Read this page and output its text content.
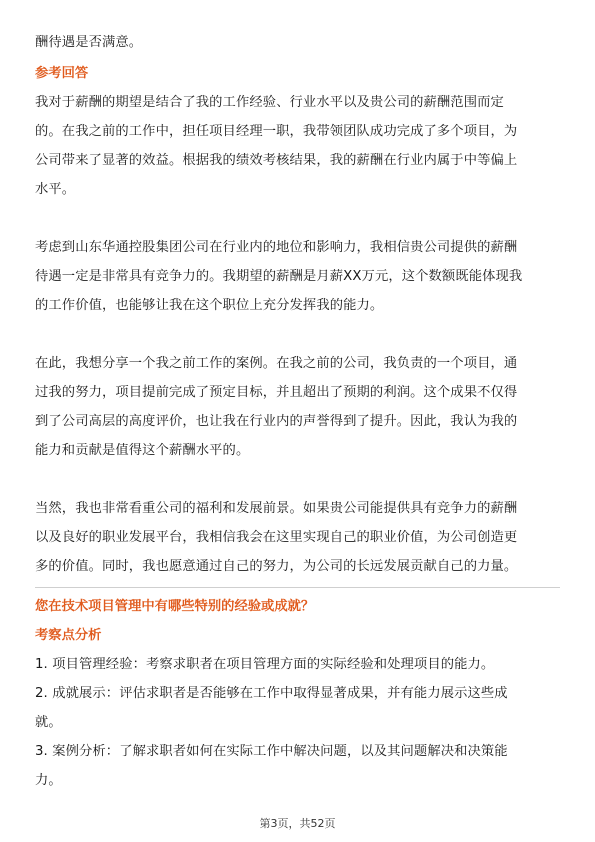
酬待遇是否满意。
参考回答
我对于薪酬的期望是结合了我的工作经验、行业水平以及贵公司的薪酬范围而定
的。在我之前的工作中，担任项目经理一职，我带领团队成功完成了多个项目，为
公司带来了显著的效益。根据我的绩效考核结果，我的薪酬在行业内属于中等偏上
水平。
考虑到山东华通控股集团公司在行业内的地位和影响力，我相信贵公司提供的薪酬
待遇一定是非常具有竞争力的。我期望的薪酬是月薪XX万元，这个数额既能体现我
的工作价值，也能够让我在这个职位上充分发挥我的能力。
在此，我想分享一个我之前工作的案例。在我之前的公司，我负责的一个项目，通
过我的努力，项目提前完成了预定目标，并且超出了预期的利润。这个成果不仅得
到了公司高层的高度评价，也让我在行业内的声誉得到了提升。因此，我认为我的
能力和贡献是值得这个薪酬水平的。
当然，我也非常看重公司的福利和发展前景。如果贵公司能提供具有竞争力的薪酬
以及良好的职业发展平台，我相信我会在这里实现自己的职业价值，为公司创造更
多的价值。同时，我也愿意通过自己的努力，为公司的长远发展贡献自己的力量。
您在技术项目管理中有哪些特别的经验或成就？
考察点分析
1. 项目管理经验：考察求职者在项目管理方面的实际经验和处理项目的能力。
2. 成就展示：评估求职者是否能够在工作中取得显著成果，并有能力展示这些成
就。
3. 案例分析：了解求职者如何在实际工作中解决问题，以及其问题解决和决策能
力。
第3页，共52页
